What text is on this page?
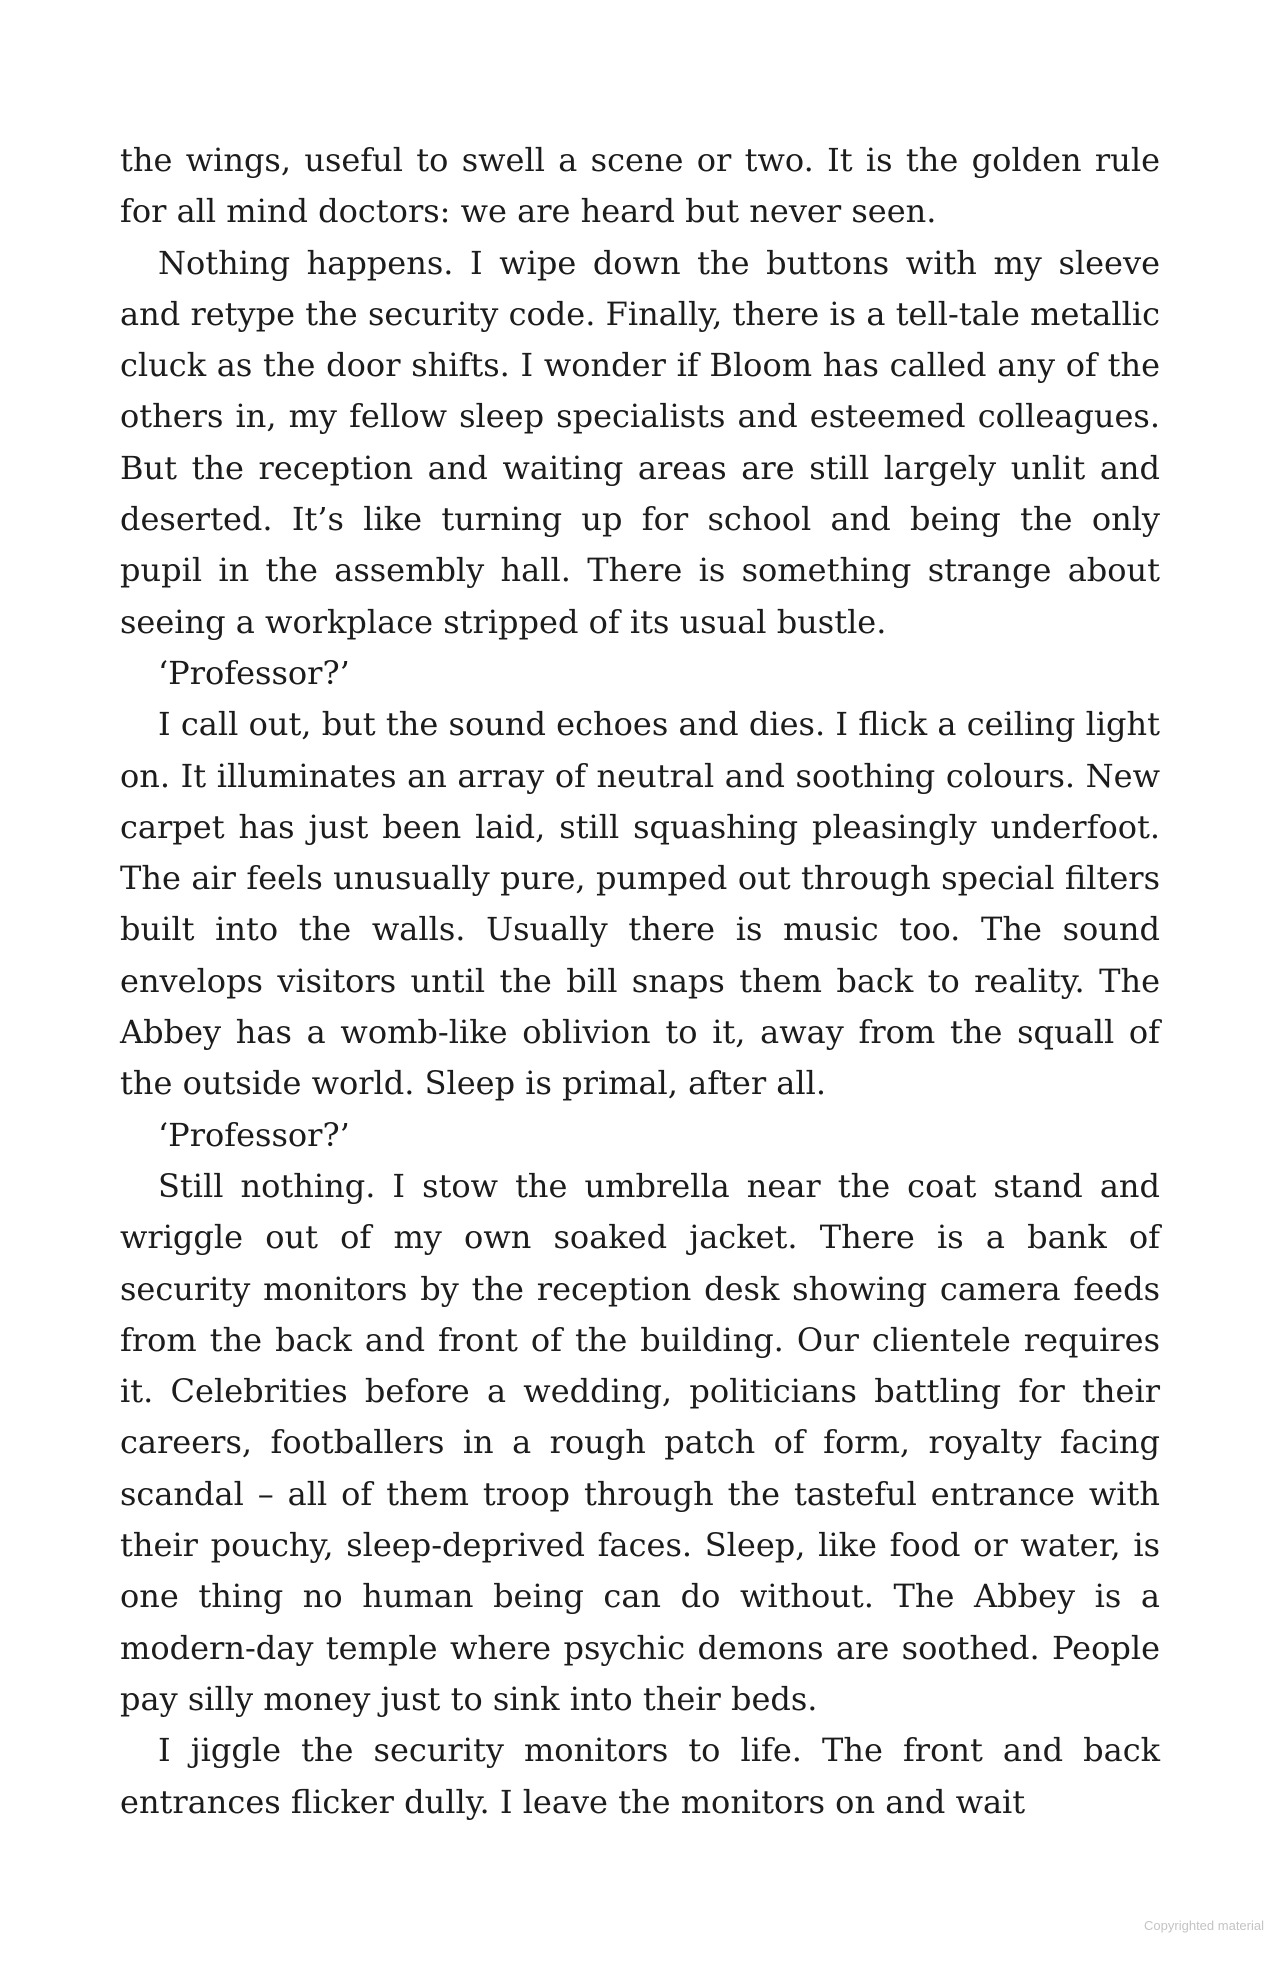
the wings, useful to swell a scene or two. It is the golden rule for all mind doctors: we are heard but never seen.

Nothing happens. I wipe down the buttons with my sleeve and retype the security code. Finally, there is a tell-tale metallic cluck as the door shifts. I wonder if Bloom has called any of the others in, my fellow sleep specialists and esteemed colleagues. But the reception and waiting areas are still largely unlit and deserted. It’s like turning up for school and being the only pupil in the assembly hall. There is something strange about seeing a workplace stripped of its usual bustle.

‘Professor?’

I call out, but the sound echoes and dies. I flick a ceiling light on. It illuminates an array of neutral and soothing colours. New carpet has just been laid, still squashing pleasingly underfoot. The air feels unusually pure, pumped out through special filters built into the walls. Usually there is music too. The sound envelops visitors until the bill snaps them back to reality. The Abbey has a womb-like oblivion to it, away from the squall of the outside world. Sleep is primal, after all.

‘Professor?’

Still nothing. I stow the umbrella near the coat stand and wriggle out of my own soaked jacket. There is a bank of security monitors by the reception desk showing camera feeds from the back and front of the building. Our clientele requires it. Celebrities before a wedding, politicians battling for their careers, footballers in a rough patch of form, royalty facing scandal – all of them troop through the tasteful entrance with their pouchy, sleep-deprived faces. Sleep, like food or water, is one thing no human being can do without. The Abbey is a modern-day temple where psychic demons are soothed. People pay silly money just to sink into their beds.

I jiggle the security monitors to life. The front and back entrances flicker dully. I leave the monitors on and wait

Copyrighted material
